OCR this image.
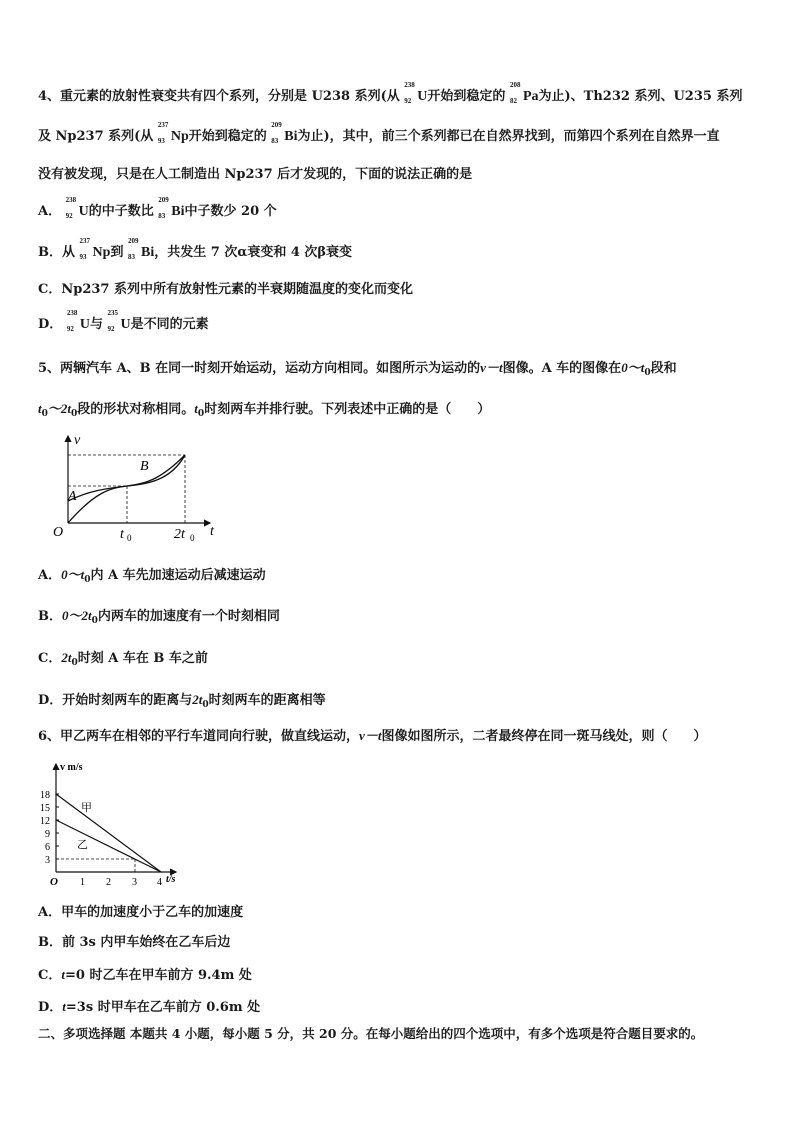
4、重元素的放射性衰变共有四个系列，分别是 U238 系列(从
238
92 U开始到稳定的
208
82 Pa为止)、Th232 系列、U235 系列
及 Np237 系列(从
237
93 Np开始到稳定的
209
83 Bi为止)，其中，前三个系列都已在自然界找到，而第四个系列在自然界一直
没有被发现，只是在人工制造出 Np237 后才发现的，下面的说法正确的是
A．
238
92 U的中子数比
209
83 Bi中子数少 20 个
B．从
237
93 Np到
209
83 Bi，共发生 7 次α衰变和 4 次β衰变
C．Np237 系列中所有放射性元素的半衰期随温度的变化而变化
D．
238
92 U与
235
92 U是不同的元素
5、两辆汽车 A、B 在同一时刻开始运动，运动方向相同。如图所示为运动的v－t图像。A 车的图像在$0\sim t_0$段和
$t_0\sim 2t_0$段的形状对称相同。$t_0$时刻两车并排行驶。下列表述中正确的是（　　）
v
t
O
A
B
t 0	2t 0
A．$0\sim t_0$内 A 车先加速运动后减速运动
B．$0\sim 2t_0$内两车的加速度有一个时刻相同
C．$2t_0$时刻 A 车在 B 车之前
D．开始时刻两车的距离与$2t_0$时刻两车的距离相等
6、甲乙两车在相邻的平行车道同向行驶，做直线运动，v－t图像如图所示，二者最终停在同一斑马线处，则（　　）
v m/s
t/s
O
18
15
12
9
6
3
1 2 3 4
甲
乙
A．甲车的加速度小于乙车的加速度
B．前 3s 内甲车始终在乙车后边
C．t=0 时乙车在甲车前方 9.4m 处
D．t=3s 时甲车在乙车前方 0.6m 处
二、多项选择题 本题共 4 小题，每小题 5 分，共 20 分。在每小题给出的四个选项中，有多个选项是符合题目要求的。
